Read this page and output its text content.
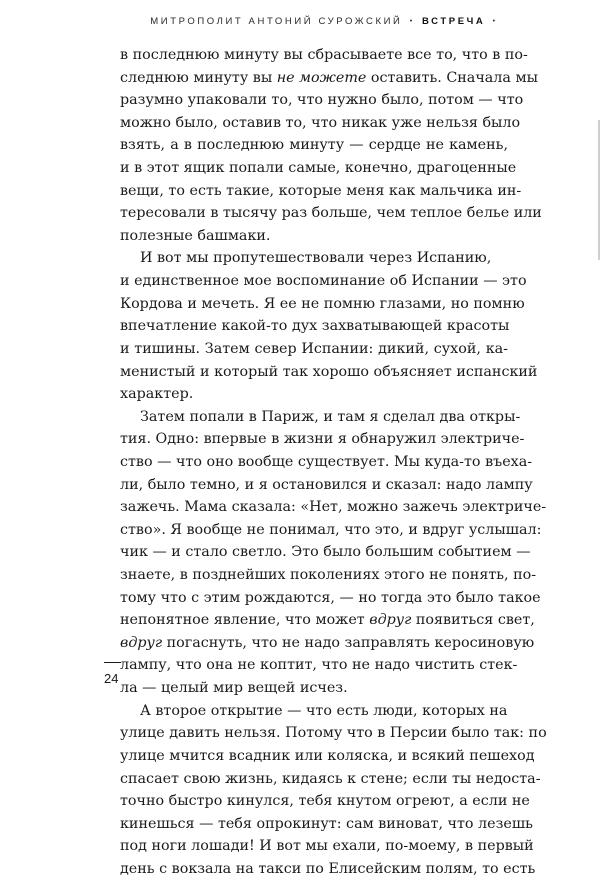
МИТРОПОЛИТ АНТОНИЙ СУРОЖСКИЙ • ВСТРЕЧА •
в последнюю минуту вы сбрасываете все то, что в по-
следнюю минуту вы не можете оставить. Сначала мы
разумно упаковали то, что нужно было, потом — что
можно было, оставив то, что никак уже нельзя было
взять, а в последнюю минуту — сердце не камень,
и в этот ящик попали самые, конечно, драгоценные
вещи, то есть такие, которые меня как мальчика ин-
тересовали в тысячу раз больше, чем теплое белье или
полезные башмаки.
И вот мы пропутешествовали через Испанию,
и единственное мое воспоминание об Испании — это
Кордова и мечеть. Я ее не помню глазами, но помню
впечатление какой-то дух захватывающей красоты
и тишины. Затем север Испании: дикий, сухой, ка-
менистый и который так хорошо объясняет испанский
характер.
Затем попали в Париж, и там я сделал два откры-
тия. Одно: впервые в жизни я обнаружил электриче-
ство — что оно вообще существует. Мы куда-то въеха-
ли, было темно, и я остановился и сказал: надо лампу
зажечь. Мама сказала: «Нет, можно зажечь электриче-
ство». Я вообще не понимал, что это, и вдруг услышал:
чик — и стало светло. Это было большим событием —
знаете, в позднейших поколениях этого не понять, по-
тому что с этим рождаются, — но тогда это было такое
непонятное явление, что может вдруг появиться свет,
вдруг погаснуть, что не надо заправлять керосиновую
лампу, что она не коптит, что не надо чистить стек-
ла — целый мир вещей исчез.
А второе открытие — что есть люди, которых на
улице давить нельзя. Потому что в Персии было так: по
улице мчится всадник или коляска, и всякий пешеход
спасает свою жизнь, кидаясь к стене; если ты недоста-
точно быстро кинулся, тебя кнутом огреют, а если не
кинешься — тебя опрокинут: сам виноват, что лезешь
под ноги лошади! И вот мы ехали, по-моему, в первый
день с вокзала на такси по Елисейским полям, то есть
24
